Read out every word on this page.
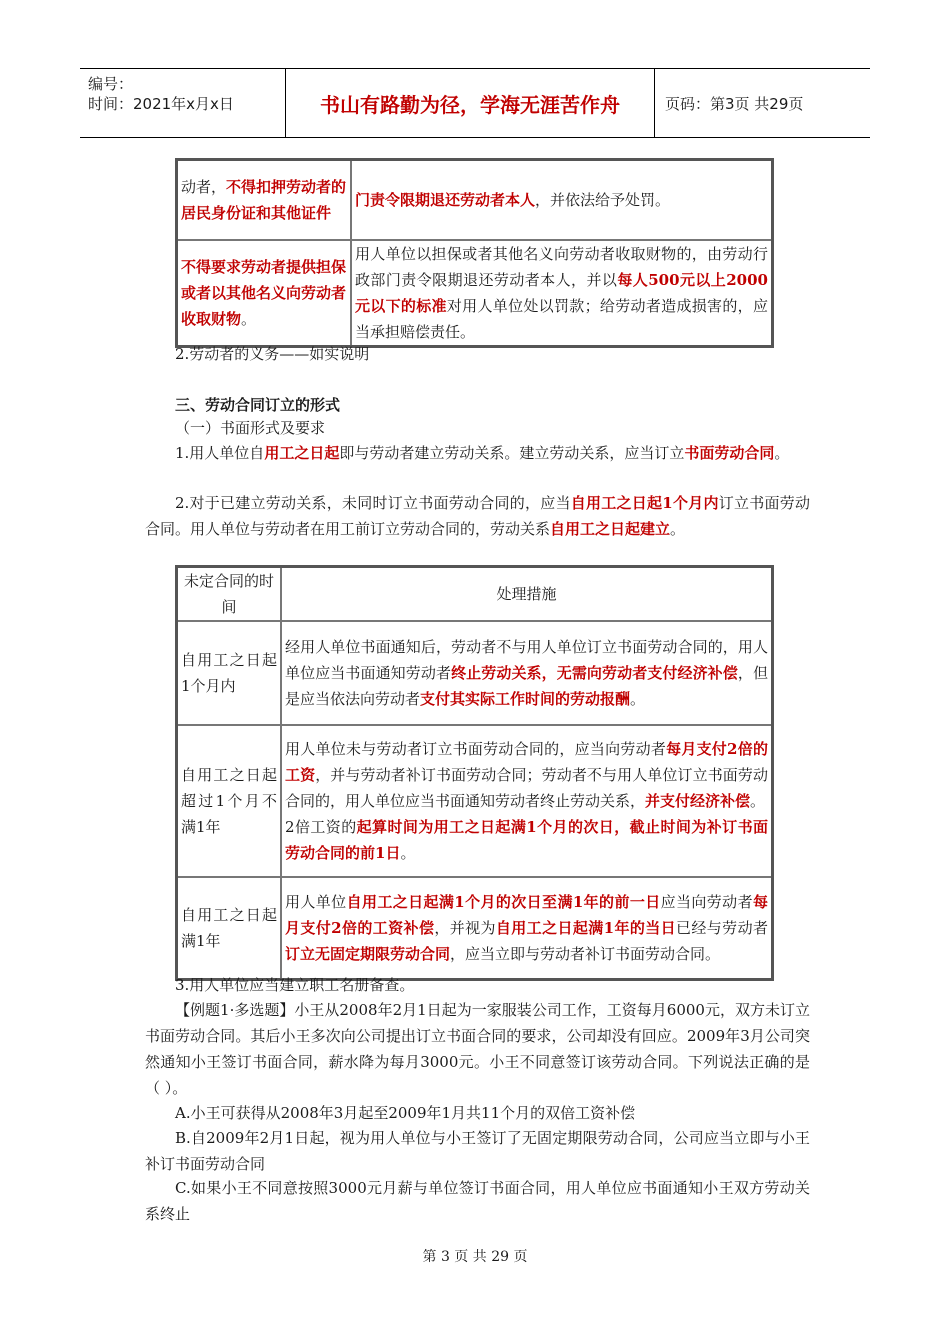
编号：
时间：2021年x月x日	书山有路勤为径，学海无涯苦作舟	页码：第3页 共29页
动者，不得扣押劳动者的居民身份证和其他证件	门责令限期退还劳动者本人，并依法给予处罚。
不得要求劳动者提供担保或者以其他名义向劳动者收取财物。	用人单位以担保或者其他名义向劳动者收取财物的，由劳动行政部门责令限期退还劳动者本人，并以每人500元以上2000元以下的标准对用人单位处以罚款；给劳动者造成损害的，应当承担赔偿责任。
2.劳动者的义务——如实说明
三、劳动合同订立的形式
（一）书面形式及要求
1.用人单位自用工之日起即与劳动者建立劳动关系。建立劳动关系，应当订立书面劳动合同。
2.对于已建立劳动关系，未同时订立书面劳动合同的，应当自用工之日起1个月内订立书面劳动合同。用人单位与劳动者在用工前订立劳动合同的，劳动关系自用工之日起建立。
未定合同的时间	处理措施
自用工之日起1个月内	经用人单位书面通知后，劳动者不与用人单位订立书面劳动合同的，用人单位应当书面通知劳动者终止劳动关系，无需向劳动者支付经济补偿，但是应当依法向劳动者支付其实际工作时间的劳动报酬。
自用工之日起超过1个月不满1年	用人单位未与劳动者订立书面劳动合同的，应当向劳动者每月支付2倍的工资，并与劳动者补订书面劳动合同；劳动者不与用人单位订立书面劳动合同的，用人单位应当书面通知劳动者终止劳动关系，并支付经济补偿。
2倍工资的起算时间为用工之日起满1个月的次日，截止时间为补订书面劳动合同的前1日。
自用工之日起满1年	用人单位自用工之日起满1个月的次日至满1年的前一日应当向劳动者每月支付2倍的工资补偿，并视为自用工之日起满1年的当日已经与劳动者订立无固定期限劳动合同，应当立即与劳动者补订书面劳动合同。
3.用人单位应当建立职工名册备查。
【例题1·多选题】小王从2008年2月1日起为一家服装公司工作，工资每月6000元，双方未订立书面劳动合同。其后小王多次向公司提出订立书面合同的要求，公司却没有回应。2009年3月公司突然通知小王签订书面合同，薪水降为每月3000元。小王不同意签订该劳动合同。下列说法正确的是（ ）。
A.小王可获得从2008年3月起至2009年1月共11个月的双倍工资补偿
B.自2009年2月1日起，视为用人单位与小王签订了无固定期限劳动合同，公司应当立即与小王补订书面劳动合同
C.如果小王不同意按照3000元月薪与单位签订书面合同，用人单位应书面通知小王双方劳动关系终止
第 3 页 共 29 页
